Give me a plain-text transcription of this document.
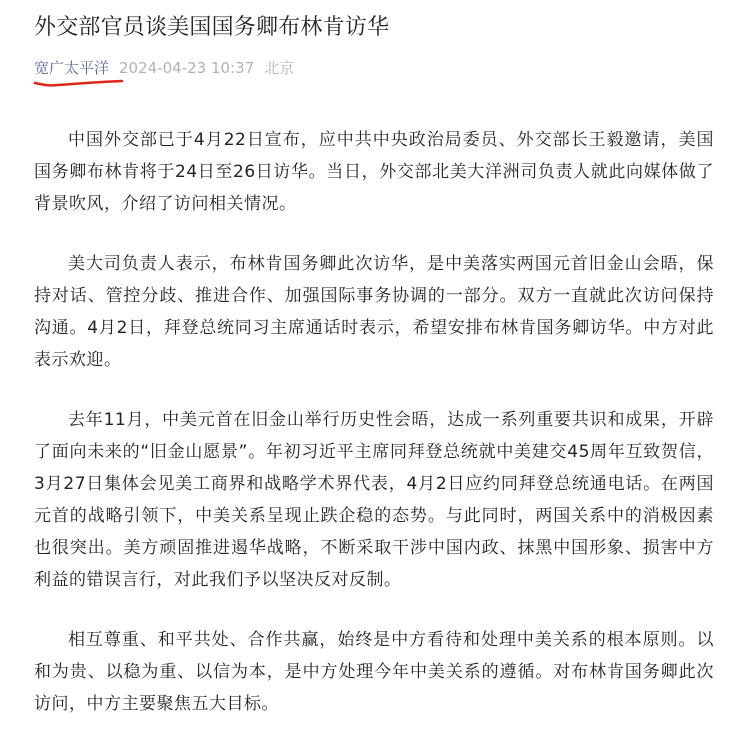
外交部官员谈美国国务卿布林肯访华
宽广太平洋 2024-04-23 10:37 北京

中国外交部已于4月22日宣布，应中共中央政治局委员、外交部长王毅邀请，美国国务卿布林肯将于24日至26日访华。当日，外交部北美大洋洲司负责人就此向媒体做了背景吹风，介绍了访问相关情况。

美大司负责人表示，布林肯国务卿此次访华，是中美落实两国元首旧金山会晤，保持对话、管控分歧、推进合作、加强国际事务协调的一部分。双方一直就此次访问保持沟通。4月2日，拜登总统同习主席通话时表示，希望安排布林肯国务卿访华。中方对此表示欢迎。

去年11月，中美元首在旧金山举行历史性会晤，达成一系列重要共识和成果，开辟了面向未来的“旧金山愿景”。年初习近平主席同拜登总统就中美建交45周年互致贺信，3月27日集体会见美工商界和战略学术界代表，4月2日应约同拜登总统通电话。在两国元首的战略引领下，中美关系呈现止跌企稳的态势。与此同时，两国关系中的消极因素也很突出。美方顽固推进遏华战略，不断采取干涉中国内政、抹黑中国形象、损害中方利益的错误言行，对此我们予以坚决反对反制。

相互尊重、和平共处、合作共赢，始终是中方看待和处理中美关系的根本原则。以和为贵、以稳为重、以信为本，是中方处理今年中美关系的遵循。对布林肯国务卿此次访问，中方主要聚焦五大目标。
